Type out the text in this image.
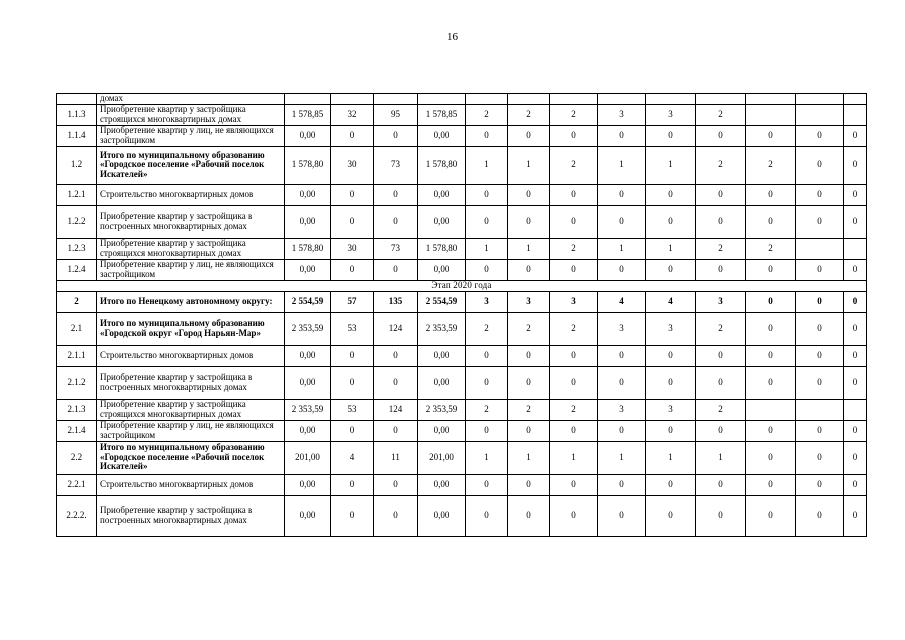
16
	домах													
1.1.3	Приобретение квартир у застройщика строящихся многоквартирных домах	1 578,85	32	95	1 578,85	2	2	2	3	3	2			
1.1.4	Приобретение квартир у лиц, не являющихся застройщиком	0,00	0	0	0,00	0	0	0	0	0	0	0	0	0
1.2	Итого по муниципальному образованию «Городское поселение «Рабочий поселок Искателей»	1 578,80	30	73	1 578,80	1	1	2	1	1	2	2	0	0
1.2.1	Строительство многоквартирных домов	0,00	0	0	0,00	0	0	0	0	0	0	0	0	0
1.2.2	Приобретение квартир у застройщика в построенных многоквартирных домах	0,00	0	0	0,00	0	0	0	0	0	0	0	0	0
1.2.3	Приобретение квартир у застройщика строящихся многоквартирных домах	1 578,80	30	73	1 578,80	1	1	2	1	1	2	2		
1.2.4	Приобретение квартир у лиц, не являющихся застройщиком	0,00	0	0	0,00	0	0	0	0	0	0	0	0	0
Этап 2020 года														
2	Итого по Ненецкому автономному округу:	2 554,59	57	135	2 554,59	3	3	3	4	4	3	0	0	0
2.1	Итого по муниципальному образованию «Городской округ «Город Нарьян-Мар»	2 353,59	53	124	2 353,59	2	2	2	3	3	2	0	0	0
2.1.1	Строительство многоквартирных домов	0,00	0	0	0,00	0	0	0	0	0	0	0	0	0
2.1.2	Приобретение квартир у застройщика в построенных многоквартирных домах	0,00	0	0	0,00	0	0	0	0	0	0	0	0	0
2.1.3	Приобретение квартир у застройщика строящихся многоквартирных домах	2 353,59	53	124	2 353,59	2	2	2	3	3	2			
2.1.4	Приобретение квартир у лиц, не являющихся застройщиком	0,00	0	0	0,00	0	0	0	0	0	0	0	0	0
2.2	Итого по муниципальному образованию «Городское поселение «Рабочий поселок Искателей»	201,00	4	11	201,00	1	1	1	1	1	1	0	0	0
2.2.1	Строительство многоквартирных домов	0,00	0	0	0,00	0	0	0	0	0	0	0	0	0
2.2.2.	Приобретение квартир у застройщика в построенных многоквартирных домах	0,00	0	0	0,00	0	0	0	0	0	0	0	0	0
